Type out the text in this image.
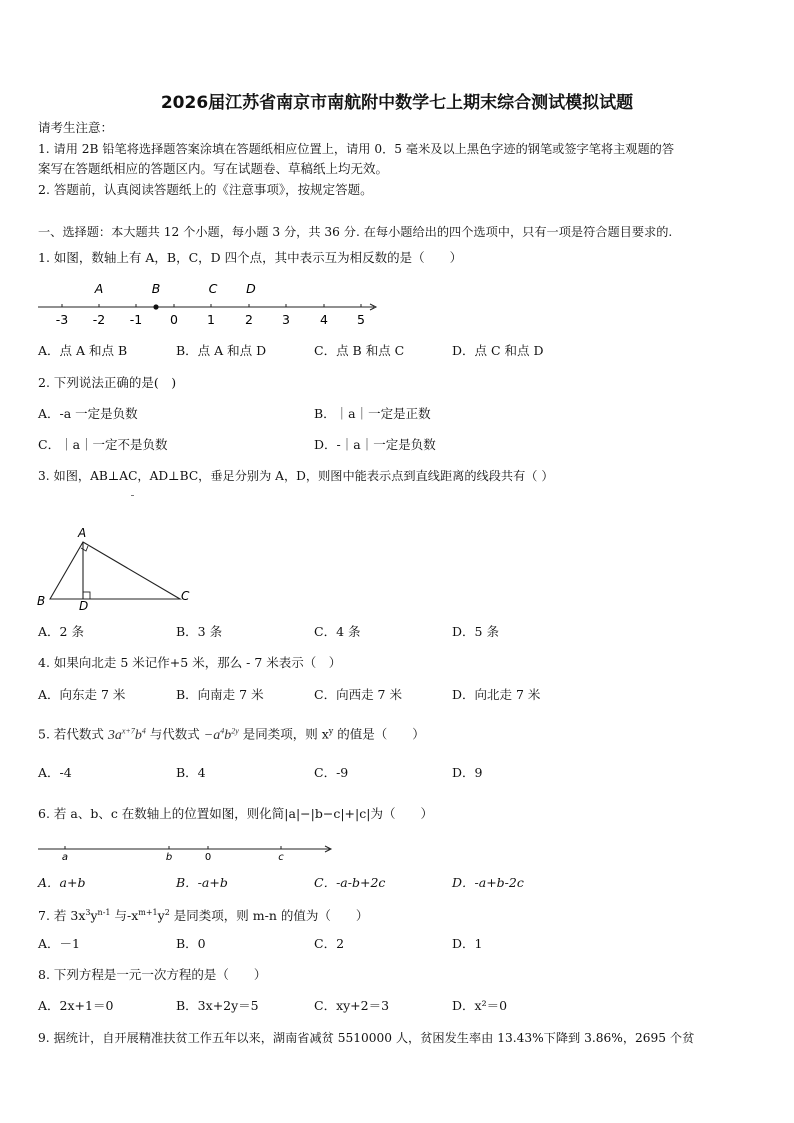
2026届江苏省南京市南航附中数学七上期末综合测试模拟试题
请考生注意：
1. 请用 2B 铅笔将选择题答案涂填在答题纸相应位置上，请用 0．5 毫米及以上黑色字迹的钢笔或签字笔将主观题的答
案写在答题纸相应的答题区内。写在试题卷、草稿纸上均无效。
2. 答题前，认真阅读答题纸上的《注意事项》，按规定答题。
一、选择题：本大题共 12 个小题，每小题 3 分，共 36 分. 在每小题给出的四个选项中，只有一项是符合题目要求的.
1. 如图，数轴上有 A，B，C，D 四个点，其中表示互为相反数的是（　　）
-3 -2 -1 0 1 2 3 4 5
A	B	C D
A．点 A 和点 B	B．点 A 和点 D	C．点 B 和点 C	D．点 C 和点 D
2. 下列说法正确的是(　)
A．-a 一定是负数	B．｜a｜一定是正数
C．｜a｜一定不是负数	D．-｜a｜一定是负数
3. 如图，AB⊥AC，AD⊥BC，垂足分别为 A，D，则图中能表示点到直线距离的线段共有（ ）
A
B	C
D
A．2 条	B．3 条	C．4 条	D．5 条
4. 如果向北走 5 米记作+5 米，那么 - 7 米表示（　）
A．向东走 7 米	B．向南走 7 米	C．向西走 7 米	D．向北走 7 米
5. 若代数式 $3a^{x+7}b^4$ 与代数式 $-a^4b^{2y}$ 是同类项，则 $x^y$ 的值是（　　）
A．-4	B．4	C．-9	D．9
6. 若 a、b、c 在数轴上的位置如图，则化简|a|−|b−c|+|c|为（　　）
a	b	0	c
A．a+b	B．-a+b	C．-a-b+2c	D．-a+b-2c
7. 若 $3x^3y^{n-1}$ 与$-x^{m+1}y^2$ 是同类项，则 m-n 的值为（　　）
A．－1	B．0	C．2	D．1
8. 下列方程是一元一次方程的是（　　）
A．2x+1＝0	B．3x+2y＝5	C．xy+2＝3	D．x²＝0
9. 据统计，自开展精准扶贫工作五年以来，湖南省减贫 5510000 人，贫困发生率由 13.43%下降到 3.86%，2695 个贫
